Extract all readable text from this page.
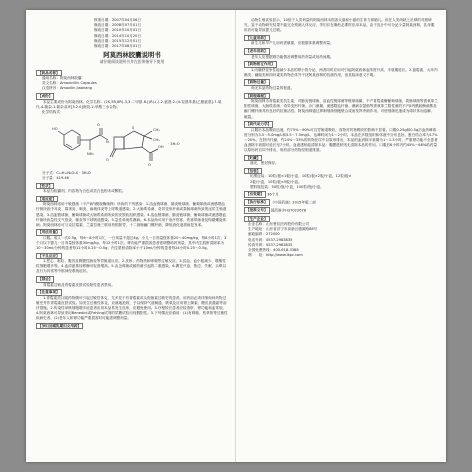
核准日期：2007年04月06日
修改日期：2008年07月01日
修改日期：2010年10月01日
修改日期：2014年10月20日
修改日期：2015年12月01日
修改日期：2017年08月01日
阿莫西林胶囊说明书
请仔细阅读说明书并在医师指导下使用
【药品名称】

通用名称：阿莫西林胶囊

英文名称：Amoxicillin Capsules

汉语拼音：Amoxilin Jiaonang

【成份】

本品主要成份为阿莫西林。化学名称：(2S,5R,6R)-3,3-二甲基-6-[(R)-(-)-2-氨基-2-(4-羟基苯基)乙酰氨基]-7-氧代-4-硫杂-1-氮杂双环[3.2.0]庚烷-2-甲酸三水合物。

化学结构式：

HO
NH₂
O
N
O
S	CH₃
CH₃
OH
O
· 3H₂O

分子式：C₁₆H₁₉N₃O₅S · 3H₂O

分子量：419.46

【性状】

本品为胶囊剂，内容物为白色或类白色粉末或颗粒。

【适应症】

阿莫西林适用于敏感菌（不产β内酰胺酶菌株）所致的下列感染：1.溶血链球菌、肺炎链球菌、葡萄球菌或流感嗜血杆菌所致中耳炎、鼻窦炎、咽炎、扁桃体炎等上呼吸道感染。2.大肠埃希菌、奇异变形杆菌或粪肠球菌所致的泌尿生殖道感染。3.溶血链球菌、葡萄球菌或大肠埃希菌所致的皮肤软组织感染。4.溶血链球菌、肺炎链球菌、葡萄球菌或流感嗜血杆菌所致急性支气管炎、肺炎等下呼吸道感染。5.急性单纯性淋病。6.本品尚可用于治疗伤寒、伤寒带菌者及钩端螺旋体病；阿莫西林亦可与克拉霉素、兰索拉唑三联用药根除胃、十二指肠幽门螺杆菌，降低消化道溃疡复发率。

【用法用量】

口服。成人一次0.5g，每6～8小时1次，一日剂量不超过4g。小儿一日剂量按体重20～40mg/kg，每8小时1次；3个月以下婴儿一日剂量按体重30mg/kg，每12小时1次。肾功能严重损害患者需调整给药剂量，其中内生肌酐清除率为10～30ml/分钟的患者每12小时0.25～0.5g；内生肌酐清除率小于10ml/分钟的患者每24小时0.25～0.5g。

【不良反应】

1.恶心、呕吐、腹泻及假膜性肠炎等胃肠道反应。2.皮疹、药物热和哮喘等过敏反应。3.贫血、血小板减少、嗜酸性粒细胞增多等。4.血清氨基转移酶可轻度增高。5.由念珠菌或耐药菌引起的二重感染。6.偶见兴奋、焦虑、失眠、头晕以及行为异常等中枢神经系统症状。

【禁忌】

青霉素过敏及青霉素皮肤试验阳性患者禁用。

【注意事项】

1.青霉素类口服药物偶可引起过敏性休克，尤多见于有青霉素或头孢菌素过敏史的患者。用药前必须详细询问药物过敏史并作青霉素皮肤试验。如发生过敏性休克，应就地抢救，予以保持气道畅通、吸氧及应用肾上腺素、糖皮质激素等治疗措施。2.传染性单核细胞增多症患者应用本品易发生皮疹，应避免使用。3.疗程较长患者应检查肝、肾功能和血常规。4.阿莫西林可导致采用Benedict或Fehling试剂的尿糖试验出现假阳性。5.下列情况应慎用：(1)有哮喘、枯草热等过敏性疾病史者。(2)老年人和肾功能严重损害时可能需调整剂量。

【孕妇及哺乳期妇女用药】

动物生殖试验显示，10倍于人类剂量的阿莫西林未损害大鼠和小鼠的生育力和胎儿。但在人类尚缺乏足够的对照研究，鉴于动物研究结果不能完全预测人体反应，孕妇仅在确有必要时应用本品。由于乳汁中可分泌少量阿莫西林，乳母服用后可能导致婴儿过敏。

【儿童用药】

新生儿和早产儿用药需慎重，应根据体重调整剂量。

【老年用药】

老年人应根据肾功能情况调整用药剂量或用药间期。

【药物相互作用】

1.丙磺舒竞争性地减少本品的肾小管分泌，两者同时应用可引起阿莫西林血浓度升高、半衰期延长。2.氯霉素、大环内酯类、磺胺类和四环素类药物在体外干扰阿莫西林的抗菌作用，但其临床意义不明。

【药物过量】

尚无本品药物过量的报道。

【药理毒理】

阿莫西林为青霉素类抗生素，对肺炎链球菌、溶血性链球菌等链球菌属、不产青霉素酶葡萄球菌、粪肠球菌等需氧革兰阳性球菌，大肠埃希菌、奇异变形杆菌、沙门菌属、流感嗜血杆菌、淋病奈瑟菌等需氧革兰阴性菌的不产β内酰胺酶菌株及幽门螺杆菌具有良好的抗菌活性。阿莫西林通过抑制细菌细胞壁合成而发挥杀菌作用，可使细菌迅速成为球状体而溶解、破裂。

【药代动力学】

口服后本品吸收迅速，约75%～90%可自胃肠道吸收，食物对药物吸收的影响不显著。口服0.25g和0.5g后血药峰浓度分别为3.5～5.0mg/L和5.5～7.5mg/L，达峰时间为1～2小时。本品在多数组织和体液中分布良好。蛋白结合率为17%～20%。在肝内代谢，约24%～33%的药物在尿中以原形排出，本品的血消除半衰期为1～1.3小时，严重肾功能不全患者血消除半衰期可延长至7小时。血液透析能清除本品，腹膜透析则无清除本品的作用。口服后6小时内约45%～68%给药量以原形药自尿中排出，尚有部分药物经胆道排泄。

【贮藏】

遮光，密封保存。

【包装】

铝塑包装：10粒/板×1板/小盒，10粒/板×2板/小盒，12粒/板×

2板/小盒，10粒/板×5板/小盒。

塑料瓶包装：50粒/瓶/小盒，100粒/瓶/小盒。

【有效期】 36个月
【执行标准】 《中国药典》2015年版二部
【批准文号】 国药准字H37022678
【生产企业】
企业名称：山东鲁抗医药股份有限公司
生产地址：山东省济宁市高新区德源路88号
邮政编码：272000
电话号码：0537-2983835
传真号码：0537-2983835
全国免费热线：400-618-3388
网　　址：http://www.lkpc.com
